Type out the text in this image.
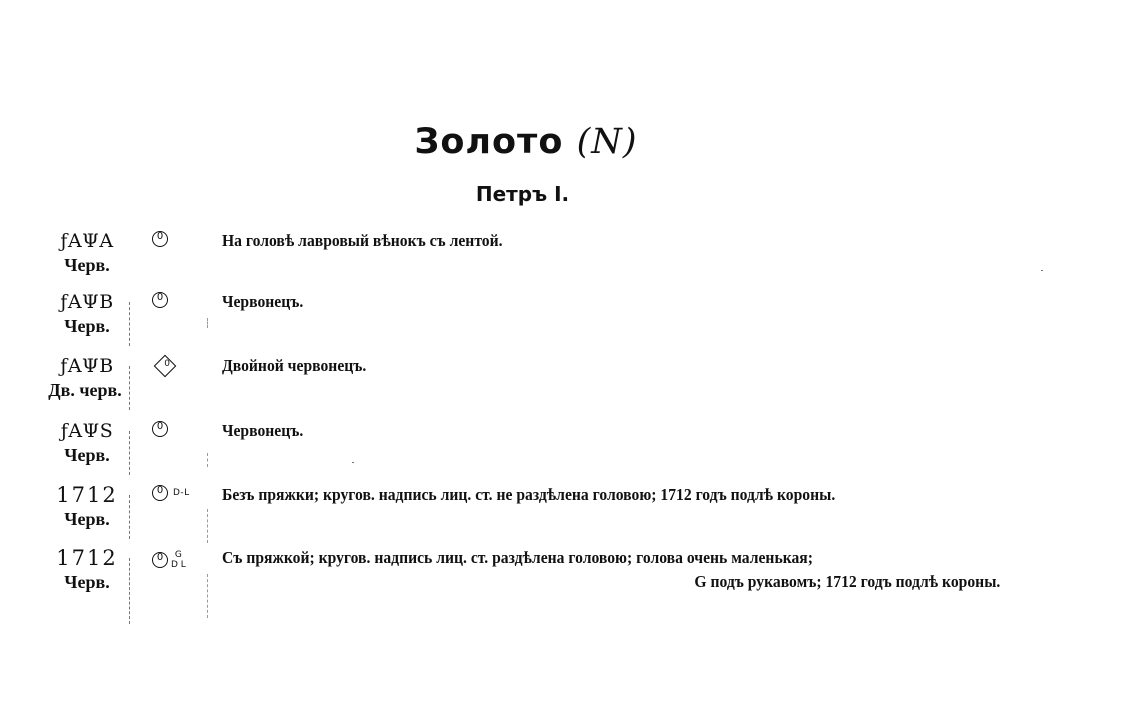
Золото (N)
Петръ I.
ƒAΨA
Черв.
0
На головѣ лавровый вѣнокъ съ лентой.
ƒAΨB
Черв.
0
Червонецъ.
ƒAΨB
Дв. черв.
0
Двойной червонецъ.
ƒAΨS
Черв.
0
Червонецъ.
1712
Черв.
0
D-L Безъ пряжки; кругов. надпись лиц. ст. не раздѣлена головою; 1712 годъ подлѣ короны.
1712
Черв.
0
G
D L Съ пряжкой; кругов. надпись лиц. ст. раздѣлена головою; голова очень маленькая;
G подъ рукавомъ; 1712 годъ подлѣ короны.
